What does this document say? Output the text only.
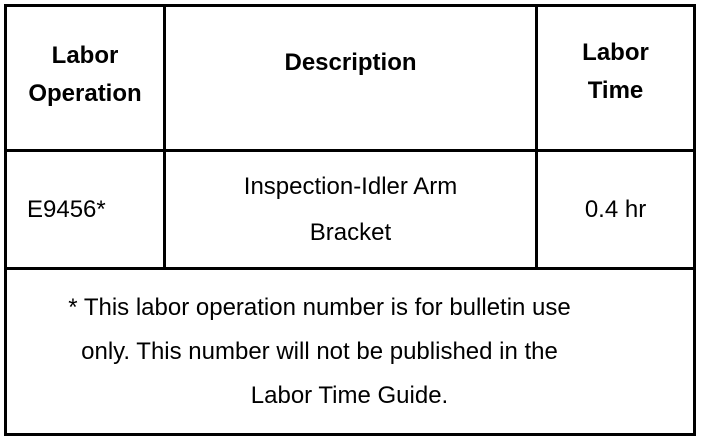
Labor
Operation
Description	Labor
Time
E9456*
Inspection-Idler Arm
Bracket
0.4 hr
* This labor operation number is for bulletin use
only. This number will not be published in the
Labor Time Guide.
